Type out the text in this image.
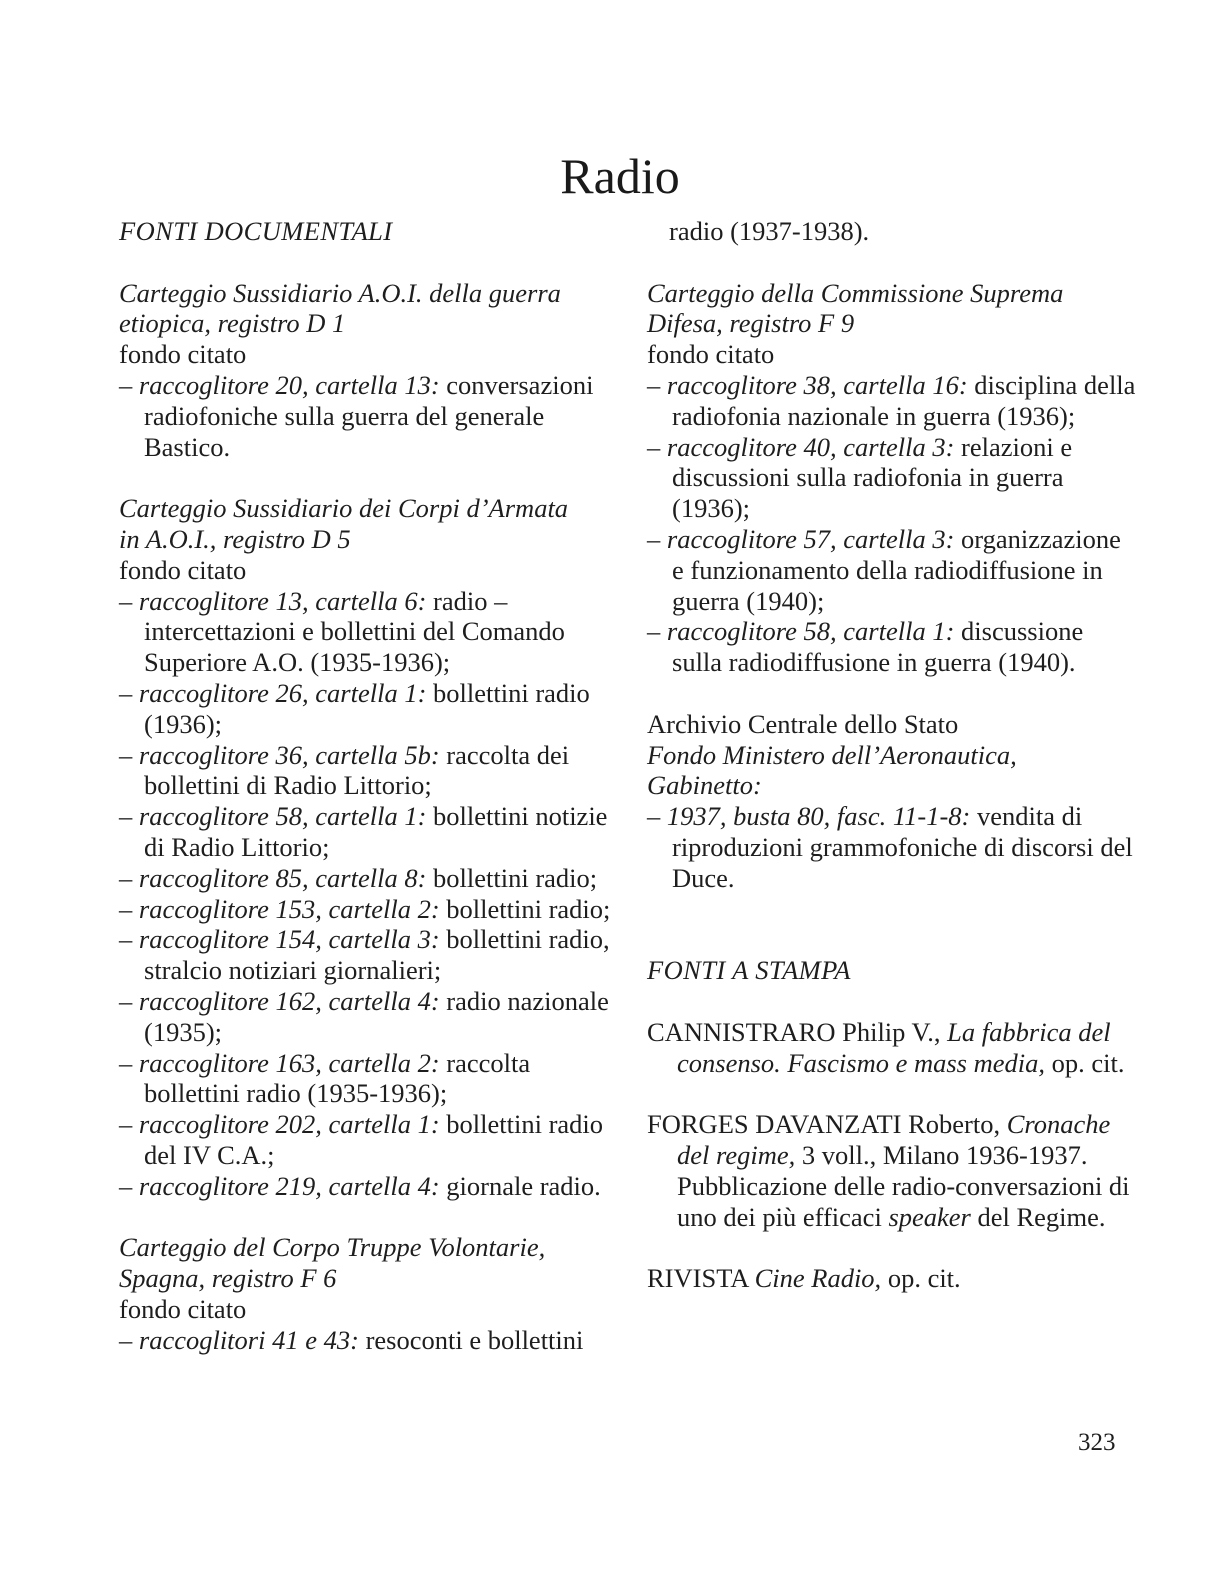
Radio
FONTI DOCUMENTALI
Carteggio Sussidiario A.O.I. della guerra
etiopica, registro D 1
fondo citato
– raccoglitore 20, cartella 13: conversazioni radiofoniche sulla guerra del generale Bastico.
Carteggio Sussidiario dei Corpi d’Armata
in A.O.I., registro D 5
fondo citato
– raccoglitore 13, cartella 6: radio – intercettazioni e bollettini del Comando Superiore A.O. (1935-1936);
– raccoglitore 26, cartella 1: bollettini radio (1936);
– raccoglitore 36, cartella 5b: raccolta dei bollettini di Radio Littorio;
– raccoglitore 58, cartella 1: bollettini notizie di Radio Littorio;
– raccoglitore 85, cartella 8: bollettini radio;
– raccoglitore 153, cartella 2: bollettini radio;
– raccoglitore 154, cartella 3: bollettini radio, stralcio notiziari giornalieri;
– raccoglitore 162, cartella 4: radio nazionale (1935);
– raccoglitore 163, cartella 2: raccolta bollettini radio (1935-1936);
– raccoglitore 202, cartella 1: bollettini radio del IV C.A.;
– raccoglitore 219, cartella 4: giornale radio.
Carteggio del Corpo Truppe Volontarie,
Spagna, registro F 6
fondo citato
– raccoglitori 41 e 43: resoconti e bollettini
radio (1937-1938).
Carteggio della Commissione Suprema
Difesa, registro F 9
fondo citato
– raccoglitore 38, cartella 16: disciplina della radiofonia nazionale in guerra (1936);
– raccoglitore 40, cartella 3: relazioni e discussioni sulla radiofonia in guerra (1936);
– raccoglitore 57, cartella 3: organizzazione e funzionamento della radiodiffusione in guerra (1940);
– raccoglitore 58, cartella 1: discussione sulla radiodiffusione in guerra (1940).
Archivio Centrale dello Stato
Fondo Ministero dell’Aeronautica,
Gabinetto:
– 1937, busta 80, fasc. 11-1-8: vendita di riproduzioni grammofoniche di discorsi del Duce.
FONTI A STAMPA
CANNISTRARO Philip V., La fabbrica del consenso. Fascismo e mass media, op. cit.
FORGES DAVANZATI Roberto, Cronache del regime, 3 voll., Milano 1936-1937.
Pubblicazione delle radio-conversazioni di uno dei più efficaci speaker del Regime.
RIVISTA Cine Radio, op. cit.
323
